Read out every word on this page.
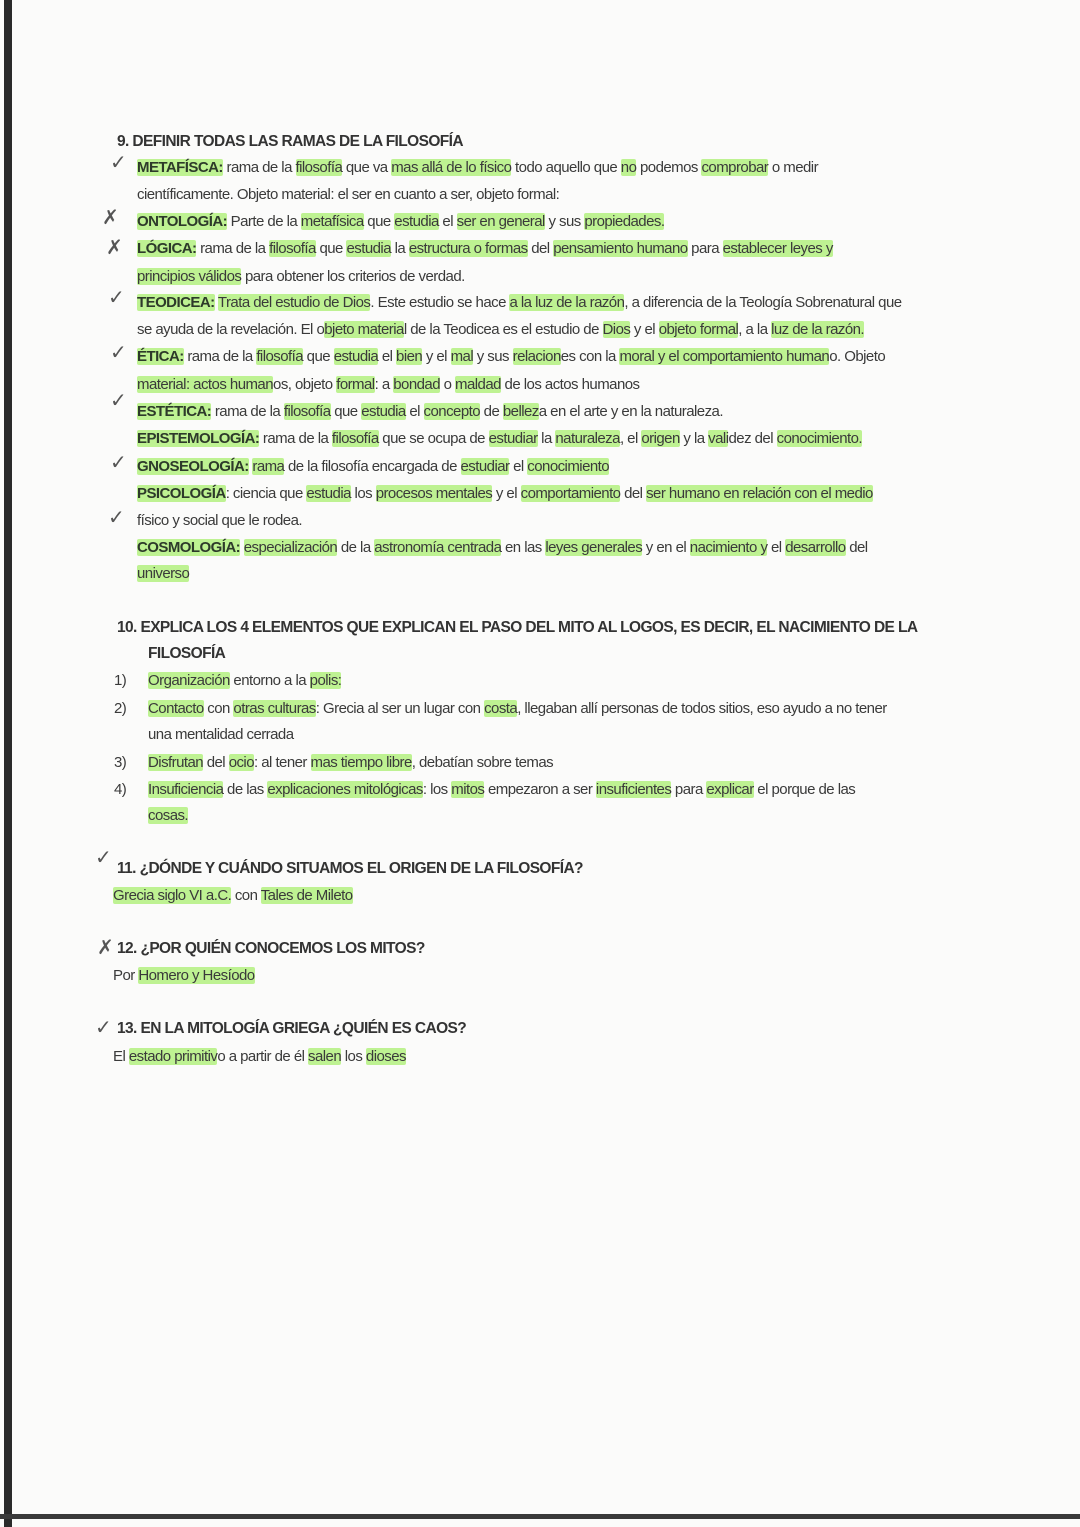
9. DEFINIR TODAS LAS RAMAS DE LA FILOSOFÍA
METAFÍSCA: rama de la filosofía que va mas allá de lo físico todo aquello que no podemos comprobar o medir
científicamente. Objeto material: el ser en cuanto a ser, objeto formal:
ONTOLOGÍA: Parte de la metafísica que estudia el ser en general y sus propiedades.
LÓGICA: rama de la filosofía que estudia la estructura o formas del pensamiento humano para establecer leyes y
principios válidos para obtener los criterios de verdad.
TEODICEA: Trata del estudio de Dios. Este estudio se hace a la luz de la razón, a diferencia de la Teología Sobrenatural que
se ayuda de la revelación. El objeto material de la Teodicea es el estudio de Dios y el objeto formal, a la luz de la razón.
ÉTICA: rama de la filosofía que estudia el bien y el mal y sus relaciones con la moral y el comportamiento humano. Objeto
material: actos humanos, objeto formal: a bondad o maldad de los actos humanos
ESTÉTICA: rama de la filosofía que estudia el concepto de belleza en el arte y en la naturaleza.
EPISTEMOLOGÍA: rama de la filosofía que se ocupa de estudiar la naturaleza, el origen y la validez del conocimiento.
GNOSEOLOGÍA: rama de la filosofía encargada de estudiar el conocimiento
PSICOLOGÍA: ciencia que estudia los procesos mentales y el comportamiento del ser humano en relación con el medio
físico y social que le rodea.
COSMOLOGÍA: especialización de la astronomía centrada en las leyes generales y en el nacimiento y el desarrollo del
universo
10. EXPLICA LOS 4 ELEMENTOS QUE EXPLICAN EL PASO DEL MITO AL LOGOS, ES DECIR, EL NACIMIENTO DE LA
FILOSOFÍA
1) Organización entorno a la polis:
2) Contacto con otras culturas: Grecia al ser un lugar con costa, llegaban allí personas de todos sitios, eso ayudo a no tener
una mentalidad cerrada
3) Disfrutan del ocio: al tener mas tiempo libre, debatían sobre temas
4) Insuficiencia de las explicaciones mitológicas: los mitos empezaron a ser insuficientes para explicar el porque de las
cosas.
11. ¿DÓNDE Y CUÁNDO SITUAMOS EL ORIGEN DE LA FILOSOFÍA?
Grecia siglo VI a.C. con Tales de Mileto
12. ¿POR QUIÉN CONOCEMOS LOS MITOS?
Por Homero y Hesíodo
13. EN LA MITOLOGÍA GRIEGA ¿QUIÉN ES CAOS?
El estado primitivo a partir de él salen los dioses
✓
✗
✗
✓
✓
✓
✓
✓
✓
✗
✓
